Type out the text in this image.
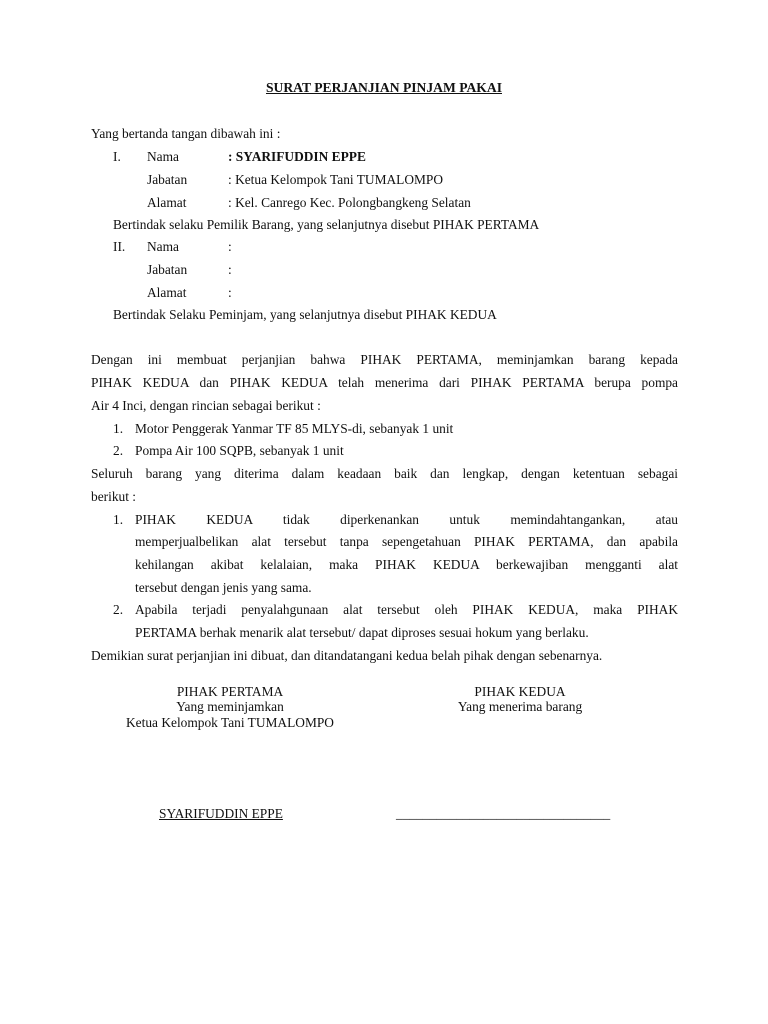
SURAT PERJANJIAN PINJAM PAKAI
Yang bertanda tangan dibawah ini :
I. Nama	: SYARIFUDDIN EPPE
Jabatan	: Ketua Kelompok Tani TUMALOMPO
Alamat	: Kel. Canrego Kec. Polongbangkeng Selatan
Bertindak selaku Pemilik Barang, yang selanjutnya disebut PIHAK PERTAMA
II. Nama	:
Jabatan	:
Alamat	:
Bertindak Selaku Peminjam, yang selanjutnya disebut PIHAK KEDUA
Dengan ini membuat perjanjian bahwa PIHAK PERTAMA, meminjamkan barang kepada
PIHAK KEDUA dan PIHAK KEDUA telah menerima dari PIHAK PERTAMA berupa pompa
Air 4 Inci, dengan rincian sebagai berikut :
1. Motor Penggerak Yanmar TF 85 MLYS-di, sebanyak 1 unit
2. Pompa Air 100 SQPB, sebanyak 1 unit
Seluruh barang yang diterima dalam keadaan baik dan lengkap, dengan ketentuan sebagai
berikut :
1. PIHAK KEDUA tidak diperkenankan untuk memindahtangankan, atau
memperjualbelikan alat tersebut tanpa sepengetahuan PIHAK PERTAMA, dan apabila
kehilangan akibat kelalaian, maka PIHAK KEDUA berkewajiban mengganti alat
tersebut dengan jenis yang sama.
2. Apabila terjadi penyalahgunaan alat tersebut oleh PIHAK KEDUA, maka PIHAK
PERTAMA berhak menarik alat tersebut/ dapat diproses sesuai hokum yang berlaku.
Demikian surat perjanjian ini dibuat, dan ditandatangani kedua belah pihak dengan sebenarnya.
PIHAK PERTAMA
Yang meminjamkan
Ketua Kelompok Tani TUMALOMPO
PIHAK KEDUA
Yang menerima barang
SYARIFUDDIN EPPE	________________________________
